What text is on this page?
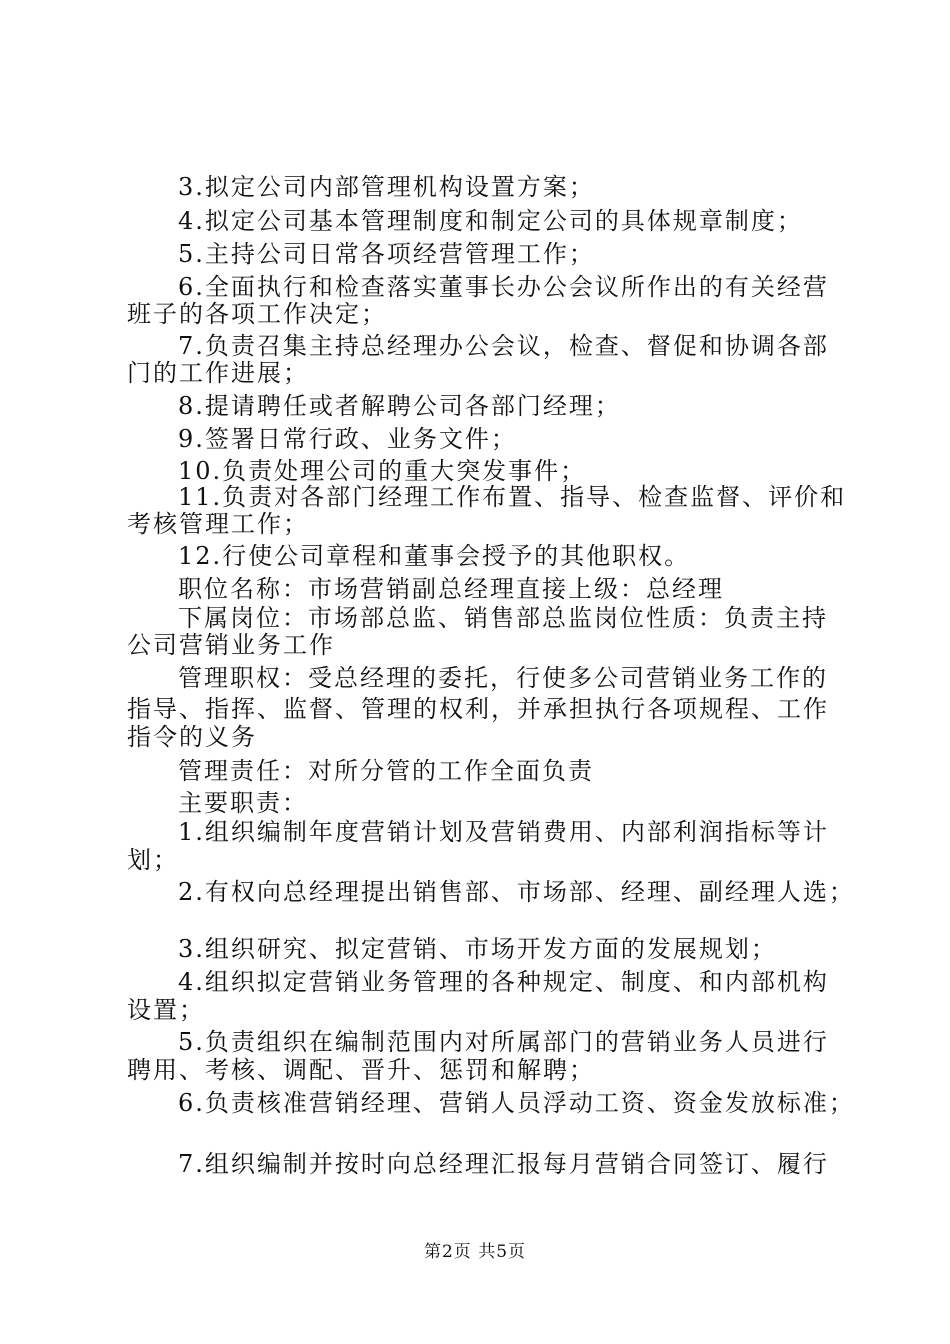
3.拟定公司内部管理机构设置方案；

4.拟定公司基本管理制度和制定公司的具体规章制度；

5.主持公司日常各项经营管理工作；

6.全面执行和检查落实董事长办公会议所作出的有关经营

班子的各项工作决定；

7.负责召集主持总经理办公会议，检查、督促和协调各部

门的工作进展；

8.提请聘任或者解聘公司各部门经理；

9.签署日常行政、业务文件；

10.负责处理公司的重大突发事件；

11.负责对各部门经理工作布置、指导、检查监督、评价和

考核管理工作；

12.行使公司章程和董事会授予的其他职权。

职位名称：市场营销副总经理直接上级：总经理

下属岗位：市场部总监、销售部总监岗位性质：负责主持

公司营销业务工作

管理职权：受总经理的委托，行使多公司营销业务工作的

指导、指挥、监督、管理的权利，并承担执行各项规程、工作

指令的义务

管理责任：对所分管的工作全面负责

主要职责：

1.组织编制年度营销计划及营销费用、内部利润指标等计

划；

2.有权向总经理提出销售部、市场部、经理、副经理人选；

3.组织研究、拟定营销、市场开发方面的发展规划；

4.组织拟定营销业务管理的各种规定、制度、和内部机构

设置；

5.负责组织在编制范围内对所属部门的营销业务人员进行

聘用、考核、调配、晋升、惩罚和解聘；

6.负责核准营销经理、营销人员浮动工资、资金发放标准；

7.组织编制并按时向总经理汇报每月营销合同签订、履行

第2页 共5页
